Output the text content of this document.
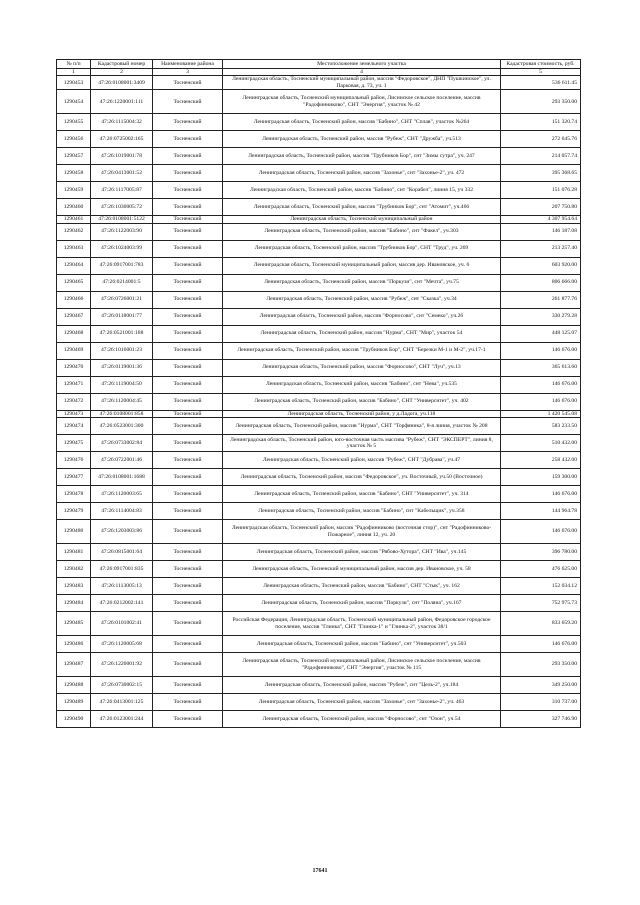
№ п/п	Кадастровый номер	Наименование района	Местоположение земельного участка	Кадастровая стоимость, руб.
1	2	3	4	5
1290453	47:26:0108001:3409	Тосненский	Ленинградская область, Тосненский муниципальный район, массив "Федоровское", ДНП "Пушкинское", ул. Парковая, д. 73, уч. 1	536 611.45
1290454	47:26:1220001:111	Тосненский	Ленинградская область, Тосненский муниципальный район, Лисинское сельское поселение, массив "Радофинниково", СНТ "Энергия", участок № 42	293 350.00
1290455	47:26:1115004:32	Тосненский	Ленинградская область, Тосненский район, массив "Бабино", СНТ "Сплав", участок №264	151 320.74
1290456	47:26:0725002:165	Тосненский	Ленинградская область, Тосненский район, массив "Рубеж", СНТ "Дружба", уч.513	272 645.76
1290457	47:26:1019001:78	Тосненский	Ленинградская область, Тосненский район, массив "Трубников Бор", снт "Зимы сутра", уч. 247	214 057.74
1290458	47:26:0413001:52	Тосненский	Ленинградская область, Тосненский район, массив "Захонье", снт "Захонье-2", уч. 472	395 368.65
1290459	47:26:1117005:87	Тосненский	Ленинградская область, Тосненский район, массив "Бабино", снт "Корабел", линия 15, уч 332	151 076.28
1290460	47:26:1030005:72	Тосненский	Ленинградская область, Тосненский район, массив "Трубников Бор", снт "Атомит", уч.466	207 750.80
1290461	47:26:0108001:5122	Тосненский	Ленинградская область, Тосненский муниципальный район	4 307 954.64
1290462	47:26:1122003:90	Тосненский	Ленинградская область, Тосненский район, массив "Бабино", снт "Факел", уч.303	146 187.08
1290463	47:26:1024003:99	Тосненский	Ленинградская область, Тосненский район, массив "Трубников Бор", СНТ "Труд", уч. 269	213 257.40
1290464	47:26:0917001:783	Тосненский	Ленинградская область, Тосненский муниципальный район, массив дер. Ивановское, уч. 6	603 920.00
1290465	47:26:0214001:5	Тосненский	Ленинградская область, Тосненский район, массив "Поркузи", снт "Мечта", уч.75	806 666.00
1290466	47:26:0726001:21	Тосненский	Ленинградская область, Тосненский район, массив "Рубеж", снт "Сказка", уч.34	261 877.76
1290467	47:26:0118001:77	Тосненский	Ленинградская область, Тосненский район, массив "Форносово", снт "Семеко", уч.26	330 279.28
1290468	47:26:0521001:188	Тосненский	Ленинградская область, Тосненский район, массив "Нурма", СНТ "Мир", участок 54	448 125.07
1290469	47:26:1016001:23	Тосненский	Ленинградская область, Тосненский район, массив "Трубников Бор", СНТ "Березки М-1 и М-2", уч.17-1	146 676.00
1290470	47:26:0119001:36	Тосненский	Ленинградская область, Тосненский район, массив "Форносово", СНТ "Луч", уч.13	365 613.60
1290471	47:26:1119004:50	Тосненский	Ленинградская область, Тосненский район, массив "Бабино", снт "Нева", уч.535	146 676.00
1290472	47:26:1120004:45	Тосненский	Ленинградская область, Тосненский район, массив "Бабино", СНТ "Университет", уч. 402	146 676.00
1290473	47:26:0108001:858	Тосненский	Ленинградская область, Тосненский район, у д.Ладога, уч.118	1 420 545.08
1290474	47:26:0523001:300	Тосненский	Ленинградская область, Тосненский район, массив "Нурма", СНТ "Торфяника", 8-я линия, участок № 208	583 233.50
1290475	47:26:0733002:84	Тосненский	Ленинградская область, Тосненский район, юго-восточная часть массива "Рубеж", СНТ "ЭКСПЕРТ", линия 8, участок № 5	510 432.00
1290476	47:26:0722001:46	Тосненский	Ленинградская область, Тосненский район, массив "Рубеж", СНТ "Дубрава", уч.47	258 432.00
1290477	47:26:0108001:1688	Тосненский	Ленинградская область, Тосненский район, массив "Федоровское", уч. Восточный, уч.50 (Восточное)	159 300.00
1290478	47:26:1120003:65	Тосненский	Ленинградская область, Тосненский район, массив "Бабино", СНТ "Университет", уч. 314	146 676.00
1290479	47:26:1114004:83	Тосненский	Ленинградская область, Тосненский район, массив "Бабино", снт "Кабельщик", уч.358	144 964.78
1290480	47:26:1203003:86	Тосненский	Ленинградская область, Тосненский район, массив "Радофинниково (восточная стор)", снт "Радофинниково-Пожарное", линия 12, уч. 20	146 676.00
1290481	47:26:0815001:64	Тосненский	Ленинградская область, Тосненский район, массив "Рябово-Хутора", СНТ "Ива", уч.145	396 780.00
1290482	47:26:0917001:835	Тосненский	Ленинградская область, Тосненский муниципальный район, массив дер. Ивановское, уч. 58	476 625.00
1290483	47:26:1113005:13	Тосненский	Ленинградская область, Тосненский район, массив "Бабино", СНТ "Стык", уч. 162	152 034.12
1290484	47:26:0212002:141	Тосненский	Ленинградская область, Тосненский район, массив "Поркузи", снт "Поляна", уч.167	752 975.73
1290485	47:26:0101002:41	Тосненский	Российская Федерация, Ленинградская область, Тосненский муниципальный район, Федоровское городское поселение, массив "Глинка", СНТ "Глинка-1" и "Глинка-2", участок 38/1	833 659.20
1290486	47:26:1120005:68	Тосненский	Ленинградская область, Тосненский район, массив "Бабино", снт "Университет", уч.503	146 676.00
1290487	47:26:1220001:92	Тосненский	Ленинградская область, Тосненский муниципальный район, Лисинское сельское поселение, массив "Радофинниково", СНТ "Энергия", участок № 115	293 350.00
1290488	47:26:0730002:15	Тосненский	Ленинградская область, Тосненский район, массив "Рубеж", снт "Цель-2", уч.184	349 250.00
1290489	47:26:0413001:125	Тосненский	Ленинградская область, Тосненский район, массив "Захонье", снт "Захонье-2", уч. 463	310 737.00
1290490	47:26:0123001:244	Тосненский	Ленинградская область, Тосненский район, массив "Форносово", снт "Озон", уч.54	327 746.90
17641
